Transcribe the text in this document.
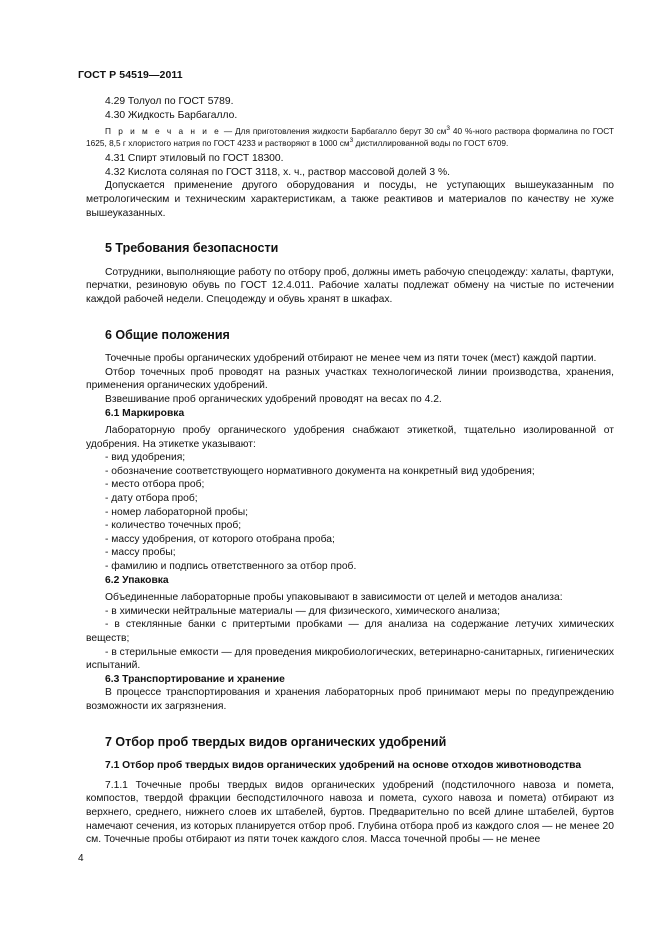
ГОСТ Р 54519—2011

4.29 Толуол по ГОСТ 5789.

4.30 Жидкость Барбагалло.

П р и м е ч а н и е — Для приготовления жидкости Барбагалло берут 30 $см^3$ 40 %-ного раствора формалина по ГОСТ 1625, 8,5 г хлористого натрия по ГОСТ 4233 и растворяют в 1000 $см^3$ дистиллированной воды по ГОСТ 6709.

4.31 Спирт этиловый по ГОСТ 18300.

4.32 Кислота соляная по ГОСТ 3118, х. ч., раствор массовой долей 3 %.

Допускается применение другого оборудования и посуды, не уступающих вышеуказанным по метрологическим и техническим характеристикам, а также реактивов и материалов по качеству не хуже вышеуказанных.

5 Требования безопасности

Сотрудники, выполняющие работу по отбору проб, должны иметь рабочую спецодежду: халаты, фартуки, перчатки, резиновую обувь по ГОСТ 12.4.011. Рабочие халаты подлежат обмену на чистые по истечении каждой рабочей недели. Спецодежду и обувь хранят в шкафах.

6 Общие положения

Точечные пробы органических удобрений отбирают не менее чем из пяти точек (мест) каждой партии.

Отбор точечных проб проводят на разных участках технологической линии производства, хранения, применения органических удобрений.

Взвешивание проб органических удобрений проводят на весах по 4.2.

6.1 Маркировка

Лабораторную пробу органического удобрения снабжают этикеткой, тщательно изолированной от удобрения. На этикетке указывают:

- вид удобрения;

- обозначение соответствующего нормативного документа на конкретный вид удобрения;

- место отбора проб;

- дату отбора проб;

- номер лабораторной пробы;

- количество точечных проб;

- массу удобрения, от которого отобрана проба;

- массу пробы;

- фамилию и подпись ответственного за отбор проб.

6.2 Упаковка

Объединенные лабораторные пробы упаковывают в зависимости от целей и методов анализа:

- в химически нейтральные материалы — для физического, химического анализа;

- в стеклянные банки с притертыми пробками — для анализа на содержание летучих химических веществ;

- в стерильные емкости — для проведения микробиологических, ветеринарно-санитарных, гигиенических испытаний.

6.3 Транспортирование и хранение

В процессе транспортирования и хранения лабораторных проб принимают меры по предупреждению возможности их загрязнения.

7 Отбор проб твердых видов органических удобрений

7.1 Отбор проб твердых видов органических удобрений на основе отходов животноводства

7.1.1 Точечные пробы твердых видов органических удобрений (подстилочного навоза и помета, компостов, твердой фракции бесподстилочного навоза и помета, сухого навоза и помета) отбирают из верхнего, среднего, нижнего слоев их штабелей, буртов. Предварительно по всей длине штабелей, буртов намечают сечения, из которых планируется отбор проб. Глубина отбора проб из каждого слоя — не менее 20 см. Точечные пробы отбирают из пяти точек каждого слоя. Масса точечной пробы — не менее

4
